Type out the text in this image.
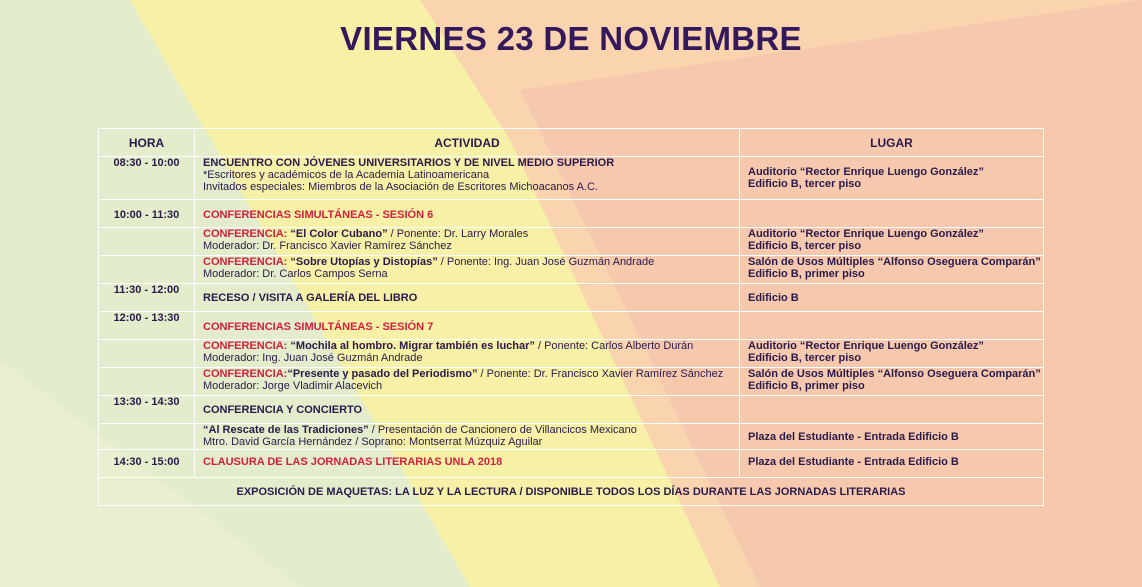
VIERNES 23 DE NOVIEMBRE
HORA	ACTIVIDAD	LUGAR
08:30 - 10:00	ENCUENTRO CON JÓVENES UNIVERSITARIOS Y DE NIVEL MEDIO SUPERIOR
*Escritores y académicos de la Academia Latinoamericana
Invitados especiales: Miembros de la Asociación de Escritores Michoacanos A.C.	Auditorio “Rector Enrique Luengo González”
Edificio B, tercer piso

10:00 - 11:30	CONFERENCIAS SIMULTÁNEAS - SESIÓN 6	

	CONFERENCIA: “El Color Cubano” / Ponente: Dr. Larry Morales
Moderador: Dr. Francisco Xavier Ramírez Sánchez	Auditorio “Rector Enrique Luengo González”
Edificio B, tercer piso

	CONFERENCIA: “Sobre Utopías y Distopías” / Ponente: Ing. Juan José Guzmán Andrade
Moderador: Dr. Carlos Campos Serna	Salón de Usos Múltiples “Alfonso Oseguera Comparán”
Edificio B, primer piso

11:30 - 12:00	RECESO / VISITA A GALERÍA DEL LIBRO	Edificio B

12:00 - 13:30	CONFERENCIAS SIMULTÁNEAS - SESIÓN 7	

	CONFERENCIA: “Mochila al hombro. Migrar también es luchar” / Ponente: Carlos Alberto Durán
Moderador: Ing. Juan José Guzmán Andrade	Auditorio “Rector Enrique Luengo González”
Edificio B, tercer piso

	CONFERENCIA:“Presente y pasado del Periodismo” / Ponente: Dr. Francisco Xavier Ramírez Sánchez
Moderador: Jorge Vladimir Alacevich	Salón de Usos Múltiples “Alfonso Oseguera Comparán”
Edificio B, primer piso

13:30 - 14:30	CONFERENCIA Y CONCIERTO	

	“Al Rescate de las Tradiciones” / Presentación de Cancionero de Villancicos Mexicano
Mtro. David García Hernández / Soprano: Montserrat Múzquiz Aguilar	Plaza del Estudiante - Entrada Edificio B

14:30 - 15:00	CLAUSURA DE LAS JORNADAS LITERARIAS UNLA 2018	Plaza del Estudiante - Entrada Edificio B

EXPOSICIÓN DE MAQUETAS: LA LUZ Y LA LECTURA / DISPONIBLE TODOS LOS DÍAS DURANTE LAS JORNADAS LITERARIAS		
